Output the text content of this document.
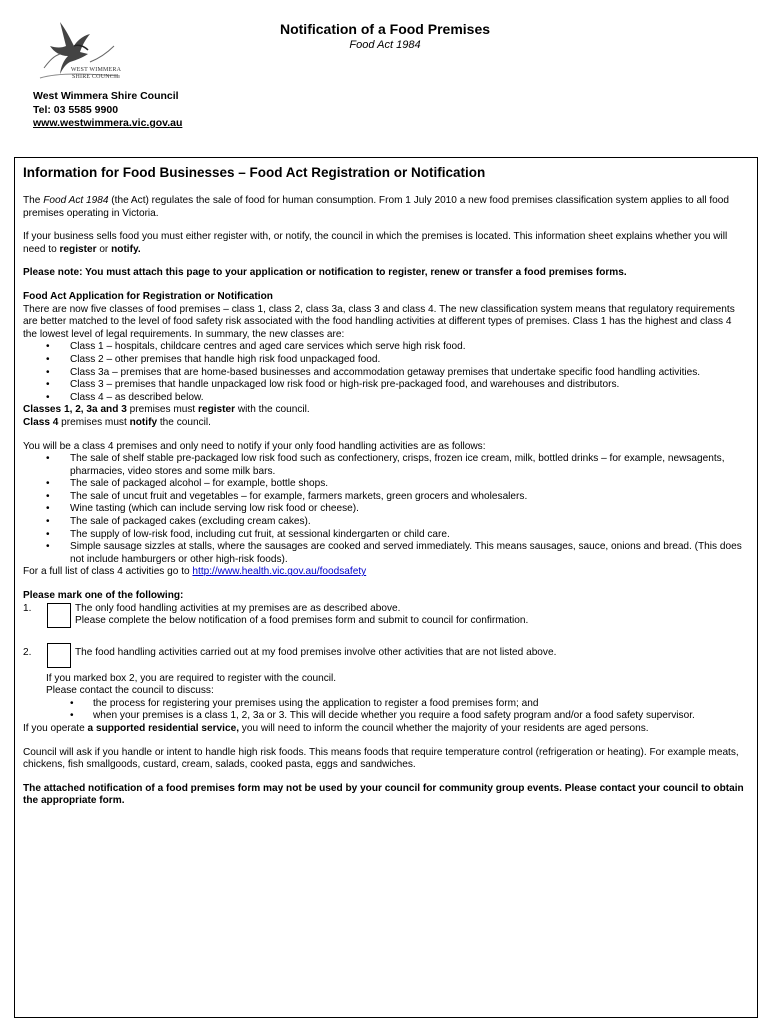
WEST WIMMERA
SHIRE COUNCIL
Notification of a Food Premises
Food Act 1984
West Wimmera Shire Council
Tel: 03 5585 9900
www.westwimmera.vic.gov.au
Information for Food Businesses – Food Act Registration or Notification
The Food Act 1984 (the Act) regulates the sale of food for human consumption. From 1 July 2010 a new food premises classification system applies to all food premises operating in Victoria.
If your business sells food you must either register with, or notify, the council in which the premises is located. This information sheet explains whether you will need to register or notify.
Please note: You must attach this page to your application or notification to register, renew or transfer a food premises forms.
Food Act Application for Registration or Notification
There are now five classes of food premises – class 1, class 2, class 3a, class 3 and class 4. The new classification system means that regulatory requirements are better matched to the level of food safety risk associated with the food handling activities at different types of premises. Class 1 has the highest and class 4 the lowest level of legal requirements. In summary, the new classes are:
• Class 1 – hospitals, childcare centres and aged care services which serve high risk food.
• Class 2 – other premises that handle high risk food unpackaged food.
• Class 3a – premises that are home-based businesses and accommodation getaway premises that undertake specific food handling activities.
• Class 3 – premises that handle unpackaged low risk food or high-risk pre-packaged food, and warehouses and distributors.
• Class 4 – as described below.
Classes 1, 2, 3a and 3 premises must register with the council.
Class 4 premises must notify the council.
You will be a class 4 premises and only need to notify if your only food handling activities are as follows:
• The sale of shelf stable pre-packaged low risk food such as confectionery, crisps, frozen ice cream, milk, bottled drinks – for example, newsagents, pharmacies, video stores and some milk bars.
• The sale of packaged alcohol – for example, bottle shops.
• The sale of uncut fruit and vegetables – for example, farmers markets, green grocers and wholesalers.
• Wine tasting (which can include serving low risk food or cheese).
• The sale of packaged cakes (excluding cream cakes).
• The supply of low-risk food, including cut fruit, at sessional kindergarten or child care.
• Simple sausage sizzles at stalls, where the sausages are cooked and served immediately. This means sausages, sauce, onions and bread. (This does not include hamburgers or other high-risk foods).
For a full list of class 4 activities go to http://www.health.vic.gov.au/foodsafety
Please mark one of the following:
1.	The only food handling activities at my premises are as described above.
Please complete the below notification of a food premises form and submit to council for confirmation.
2.	The food handling activities carried out at my food premises involve other activities that are not listed above.
If you marked box 2, you are required to register with the council.
Please contact the council to discuss:
• the process for registering your premises using the application to register a food premises form; and
• when your premises is a class 1, 2, 3a or 3. This will decide whether you require a food safety program and/or a food safety supervisor.
If you operate a supported residential service, you will need to inform the council whether the majority of your residents are aged persons.
Council will ask if you handle or intent to handle high risk foods. This means foods that require temperature control (refrigeration or heating). For example meats, chickens, fish smallgoods, custard, cream, salads, cooked pasta, eggs and sandwiches.
The attached notification of a food premises form may not be used by your council for community group events. Please contact your council to obtain the appropriate form.
